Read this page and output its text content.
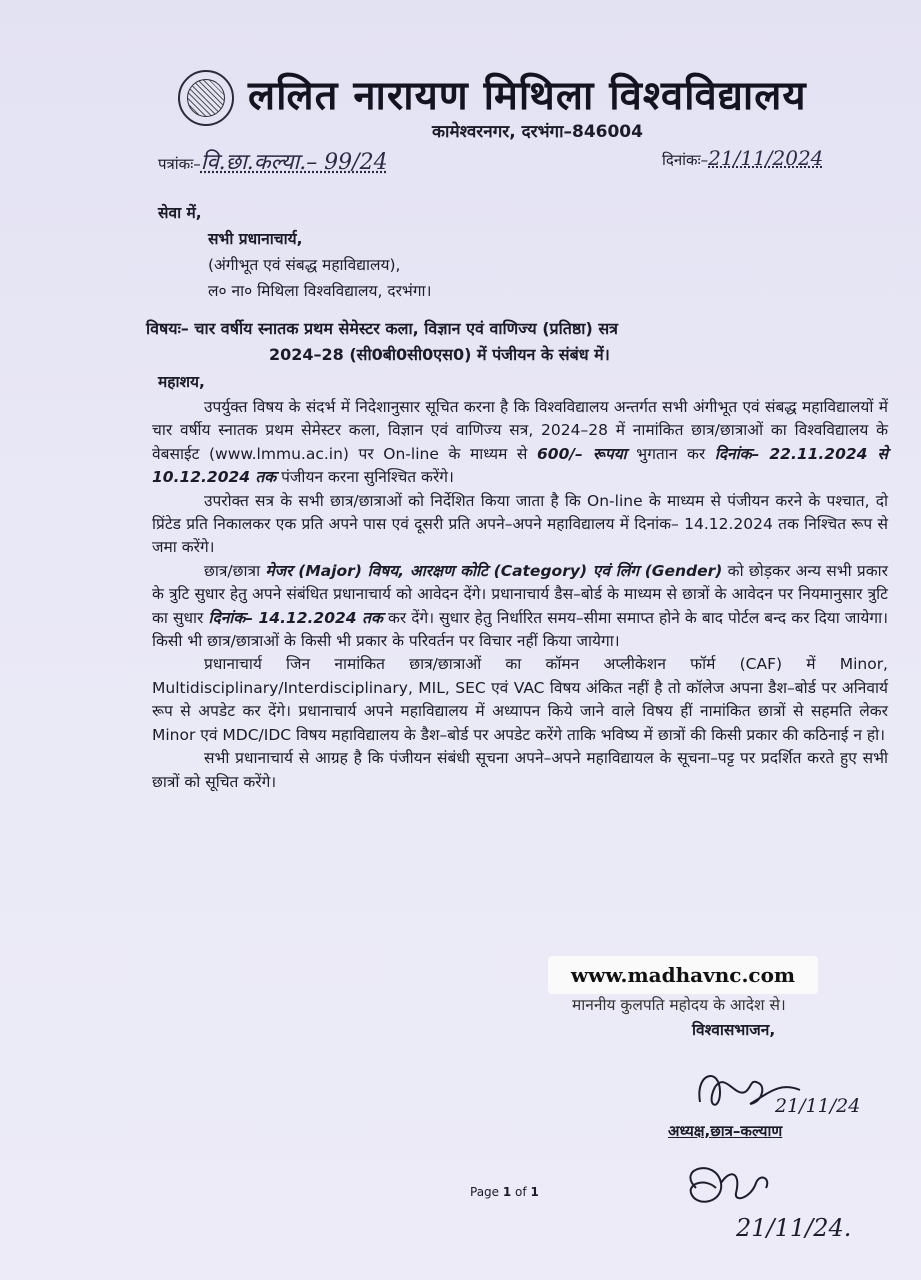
ललित नारायण मिथिला विश्वविद्यालय
कामेश्वरनगर, दरभंगा–846004
पत्रांकः–वि.छा.कल्या.– 99/24	दिनांकः–21/11/2024
सेवा में,
सभी प्रधानाचार्य,
(अंगीभूत एवं संबद्ध महाविद्यालय),
ल० ना० मिथिला विश्वविद्यालय, दरभंगा।
विषयः– चार वर्षीय स्नातक प्रथम सेमेस्टर कला, विज्ञान एवं वाणिज्य (प्रतिष्ठा) सत्र
2024–28 (सी0बी0सी0एस0) में पंजीयन के संबंध में।
महाशय,

उपर्युक्त विषय के संदर्भ में निदेशानुसार सूचित करना है कि विश्वविद्यालय अन्तर्गत सभी अंगीभूत एवं संबद्ध महाविद्यालयों में चार वर्षीय स्नातक प्रथम सेमेस्टर कला, विज्ञान एवं वाणिज्य सत्र, 2024–28 में नामांकित छात्र/छात्राओं का विश्वविद्यालय के वेबसाईट (www.lmmu.ac.in) पर On-line के माध्यम से 600/– रूपया भुगतान कर दिनांक– 22.11.2024 से 10.12.2024 तक पंजीयन करना सुनिश्चित करेंगे।

उपरोक्त सत्र के सभी छात्र/छात्राओं को निर्देशित किया जाता है कि On-line के माध्यम से पंजीयन करने के पश्चात, दो प्रिंटेड प्रति निकालकर एक प्रति अपने पास एवं दूसरी प्रति अपने–अपने महाविद्यालय में दिनांक– 14.12.2024 तक निश्चित रूप से जमा करेंगे।

छात्र/छात्रा मेजर (Major) विषय, आरक्षण कोटि (Category) एवं लिंग (Gender) को छोड़कर अन्य सभी प्रकार के त्रुटि सुधार हेतु अपने संबंधित प्रधानाचार्य को आवेदन देंगे। प्रधानाचार्य डैस–बोर्ड के माध्यम से छात्रों के आवेदन पर नियमानुसार त्रुटि का सुधार दिनांक– 14.12.2024 तक कर देंगे। सुधार हेतु निर्धारित समय–सीमा समाप्त होने के बाद पोर्टल बन्द कर दिया जायेगा। किसी भी छात्र/छात्राओं के किसी भी प्रकार के परिवर्तन पर विचार नहीं किया जायेगा।

प्रधानाचार्य जिन नामांकित छात्र/छात्राओं का कॉमन अप्लीकेशन फॉर्म (CAF) में Minor, Multidisciplinary/Interdisciplinary, MIL, SEC एवं VAC विषय अंकित नहीं है तो कॉलेज अपना डैश–बोर्ड पर अनिवार्य रूप से अपडेट कर देंगे। प्रधानाचार्य अपने महाविद्यालय में अध्यापन किये जाने वाले विषय हीं नामांकित छात्रों से सहमति लेकर Minor एवं MDC/IDC विषय महाविद्यालय के डैश–बोर्ड पर अपडेट करेंगे ताकि भविष्य में छात्रों की किसी प्रकार की कठिनाई न हो।

सभी प्रधानाचार्य से आग्रह है कि पंजीयन संबंधी सूचना अपने–अपने महाविद्यायल के सूचना–पट्ट पर प्रदर्शित करते हुए सभी छात्रों को सूचित करेंगे।

www.madhavnc.com
माननीय कुलपति महोदय के आदेश से।
विश्वासभाजन,
21/11/24
अध्यक्ष,छात्र–कल्याण
21/11/24.
Page 1 of 1
